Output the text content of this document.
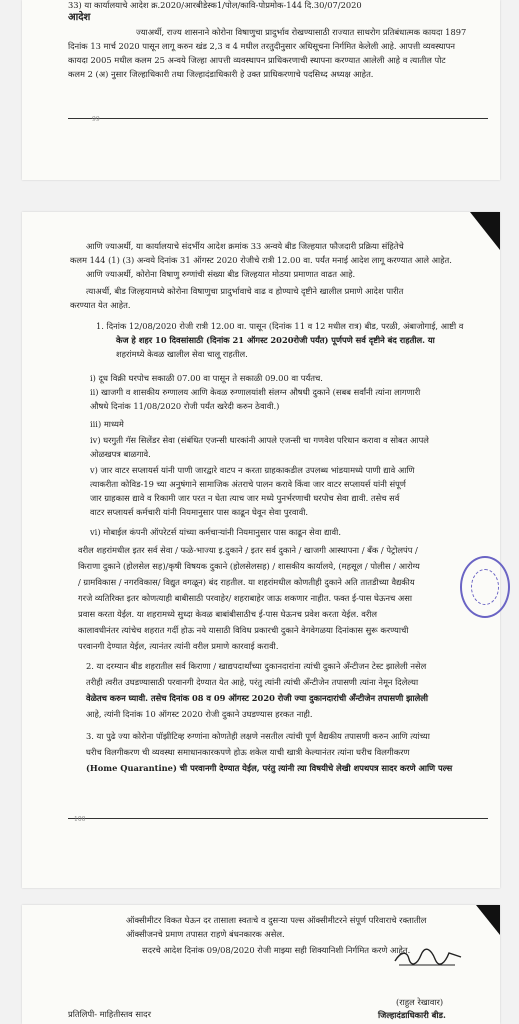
33) या कार्यालयाचे आदेश क्र.2020/आरबीडेस्क1/पोल/कावि-पोप्रमोक-144 दि.30/07/2020
आदेश
ज्याअर्थी, राज्य शासनाने कोरोना विषाणुचा प्रादुर्भाव रोखण्यासाठी राज्यात साथरोग प्रतिबंधात्मक कायदा 1897
दिनांक 13 मार्च 2020 पासून लागू करुन खंड 2,3 व 4 मधील तरतुदीनुसार अधिसूचना निर्गमित केलेली आहे. आपत्ती व्यवस्थापन
कायदा 2005 मधील कलम 25 अन्वये जिल्हा आपत्ती व्यवस्थापन प्राधिकरणाची स्थापना करण्यात आलेली आहे व त्यातील पोट
कलम 2 (अ) नुसार जिल्हाधिकारी तथा जिल्हादंडाधिकारी हे उक्त प्राधिकरणाचे पदसिध्द अध्यक्ष आहेत.
99
आणि ज्याअर्थी, या कार्यालयाचे संदर्भीय आदेश क्रमांक 33 अन्वये बीड जिल्हयात फौजदारी प्रक्रिया संहितेचे
कलम 144 (1) (3) अन्वये दिनांक 31 ऑगस्ट 2020 रोजीचे रात्री 12.00 वा. पर्यंत मनाई आदेश लागू करण्यात आले आहेत.
आणि ज्याअर्थी, कोरोना विषाणु रुग्णांची संख्या बीड जिल्हयात मोठया प्रमाणात वाढत आहे.
त्याअर्थी, बीड जिल्हयामध्ये कोरोना विषाणुचा प्रादुर्भावाचे वाढ व होण्याचे दृष्टीने खालील प्रमाणे आदेश पारीत
करण्यात येत आहेत.
1. दिनांक 12/08/2020 रोजी रात्री 12.00 वा. पासून (दिनांक 11 व 12 मधील रात्र) बीड, परळी, अंबाजोगाई, आष्टी व
केज हे शहर 10 दिवसांसाठी (दिनांक 21 ऑगस्ट 2020रोजी पर्यंत) पूर्णपणे सर्व दृष्टीने बंद राहतील. या
शहरांमध्ये केवळ खालील सेवा चालू राहतील.
i) दूध विक्री घरपोच सकाळी 07.00 वा पासून ते सकाळी 09.00 वा पर्यंतच.
ii) खाजगी व शासकीय रुग्णालय आणि केवळ रुग्णालयांशी संलग्न औषधी दुकाने (सबब सर्वांनी त्यांना लागणारी
औषधे दिनांक 11/08/2020 रोजी पर्यंत खरेदी करुन ठेवावी.)
iii) माध्यमे
iv) घरगुती गॅस सिलेंडर सेवा (संबंधित एजन्सी धारकांनी आपले एजन्सी चा गणवेश परिधान करावा व सोबत आपले
ओळखपत्र बाळगावे.
v) जार वाटर सप्लायर्स यांनी पाणी जारद्वारे वाटप न करता ग्राहकाकडील उपलब्ध भांडयामध्ये पाणी द्यावे आणि
त्याकरीता कोविड-19 च्या अनुषंगाने सामाजिक अंतराचे पालन करावे किंवा जार वाटर सप्लायर्स यांनी संपूर्ण
जार ग्राहकास द्यावे व रिकामी जार परत न घेता त्याच जार मध्ये पुनर्भरणाची घरपोच सेवा द्यावी. तसेच सर्व
वाटर सप्लायर्स कर्मचारी यांनी नियमानुसार पास काढून घेवून सेवा पुरवावी.
vi) मोबाईल कंपनी ऑपरेटर्स यांच्या कर्मचाऱ्यांनी नियमानुसार पास काढून सेवा द्यावी.
वरील शहरांमधील इतर सर्व सेवा / फळे-भाज्या इ.दुकाने / इतर सर्व दुकाने / खाजगी आस्थापना / बँक / पेट्रोलपंप /
किराणा दुकाने (होलसेल सह)/कृषी विषयक दुकाने (होलसेलसह) / शासकीय कार्यालये, (महसूल / पोलीस / आरोग्य
/ ग्रामविकास / नगरविकास/ विद्युत वगळून) बंद राहतील. या शहरांमधील कोणतीही दुकाने अति तातडीच्या वैद्यकीय
गरजे व्यतिरिक्त इतर कोणत्याही बाबीसाठी परवाहेर/ शहराबाहेर जाऊ शकणार नाहीत. फक्त ई-पास घेऊनच असा
प्रवास करता येईल. या शहरामध्ये सुध्दा केवळ बाबांबीसाठीच ई-पास घेऊनच प्रवेश करता येईल. वरील
कालावधीनंतर त्यांचेच शहरात गर्दी होऊ नये यासाठी विविध प्रकारची दुकाने वेगवेगळया दिनांकास सुरू करण्याची
परवानगी देण्यात येईल, त्यानंतर त्यांनी वरील प्रमाणे कारवाई करावी.
2. या दरम्यान बीड शहरातील सर्व किराणा / खाद्यपदार्थांच्या दुकानदारांना त्यांची दुकाने अँन्टीजन टेस्ट झालेली नसेल
तरीही त्वरीत उघडण्यासाठी परवानगी देण्यात येत आहे, परंतु त्यांनी त्यांची अँन्टीजेन तपासणी त्यांना नेमून दिलेल्या
वेळेतच करुन घ्यावी. तसेच दिनांक 08 व 09 ऑगस्ट 2020 रोजी ज्या दुकानदारांची अँन्टीजेन तपासणी झालेली
आहे, त्यांनी दिनांक 10 ऑगस्ट 2020 रोजी दुकाने उघडण्यास हरकत नाही.
3. या पुढे ज्या कोरोना पॉझीटिव्ह रुग्णांना कोणतेही लक्षणे नसतील त्यांची पूर्ण वैद्यकीय तपासणी करुन आणि त्यांच्या
घरीच विलगीकरण ची व्यवस्था समाधानकारकपणे होऊ शकेल याची खात्री केल्यानंतर त्यांना घरीच विलगीकरण
(Home Quarantine) ची परवानगी देण्यात येईल, परंतु त्यांनी त्या विषयीचे लेखी शपथपत्र सादर करणे आणि पल्स
100
ऑक्सीमीटर विकत घेऊन दर तासाला स्वतःचे व दुसऱ्या पल्स ऑक्सीमीटरने संपूर्ण परिवाराचे रक्तातील
ऑक्सीजनचे प्रमाण तपासत राहणे बंधनकारक असेल.
सदरचे आदेश दिनांक 09/08/2020 रोजी माझ्या सही शिक्यानिशी निर्गमित करणे आहेत.
प्रतिलिपी- माहितीस्तव सादर
(राहुल रेखावार)
जिल्हादंडाधिकारी बीड.
